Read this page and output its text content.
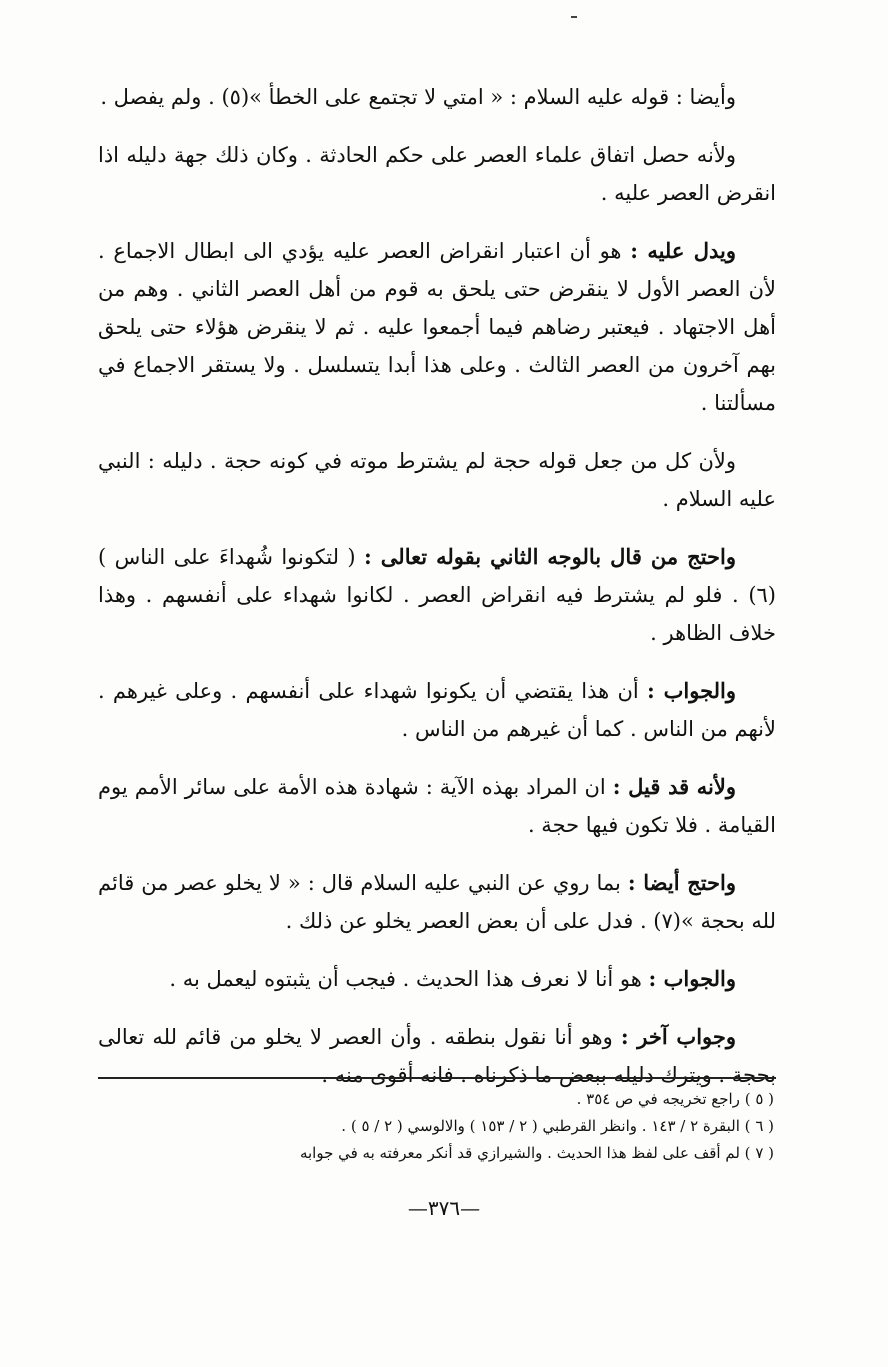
وأيضا : قوله عليه السلام : « امتي لا تجتمع على الخطأ »(٥) . ولم يفصل .

ولأنه حصل اتفاق علماء العصر على حكم الحادثة . وكان ذلك جهة دليله اذا انقرض العصر عليه .

ويدل عليه : هو أن اعتبار انقراض العصر عليه يؤدي الى ابطال الاجماع . لأن العصر الأول لا ينقرض حتى يلحق به قوم من أهل العصر الثاني . وهم من أهل الاجتهاد . فيعتبر رضاهم فيما أجمعوا عليه . ثم لا ينقرض هؤلاء حتى يلحق بهم آخرون من العصر الثالث . وعلى هذا أبدا يتسلسل . ولا يستقر الاجماع في مسألتنا .

ولأن كل من جعل قوله حجة لم يشترط موته في كونه حجة . دليله : النبي عليه السلام .

واحتج من قال بالوجه الثاني بقوله تعالى : ( لتكونوا شُهداءَ على الناس )(٦) . فلو لم يشترط فيه انقراض العصر . لكانوا شهداء على أنفسهم . وهذا خلاف الظاهر .

والجواب : أن هذا يقتضي أن يكونوا شهداء على أنفسهم . وعلى غيرهم . لأنهم من الناس . كما أن غيرهم من الناس .

ولأنه قد قيل : ان المراد بهذه الآية : شهادة هذه الأمة على سائر الأمم يوم القيامة . فلا تكون فيها حجة .

واحتج أيضا : بما روي عن النبي عليه السلام قال : « لا يخلو عصر من قائم لله بحجة »(٧) . فدل على أن بعض العصر يخلو عن ذلك .

والجواب : هو أنا لا نعرف هذا الحديث . فيجب أن يثبتوه ليعمل به .

وجواب آخر : وهو أنا نقول بنطقه . وأن العصر لا يخلو من قائم لله تعالى بحجة . ويترك دليله ببعض ما ذكرناه . فانه أقوى منه .

( ٥ ) راجع تخريجه في ص ٣٥٤ .

( ٦ ) البقرة ٢ / ١٤٣ . وانظر القرطبي ( ٢ / ١٥٣ ) والالوسي ( ٢ / ٥ ) .

( ٧ ) لم أقف على لفظ هذا الحديث . والشيرازي قد أنكر معرفته به في جوابه

—٣٧٦—
